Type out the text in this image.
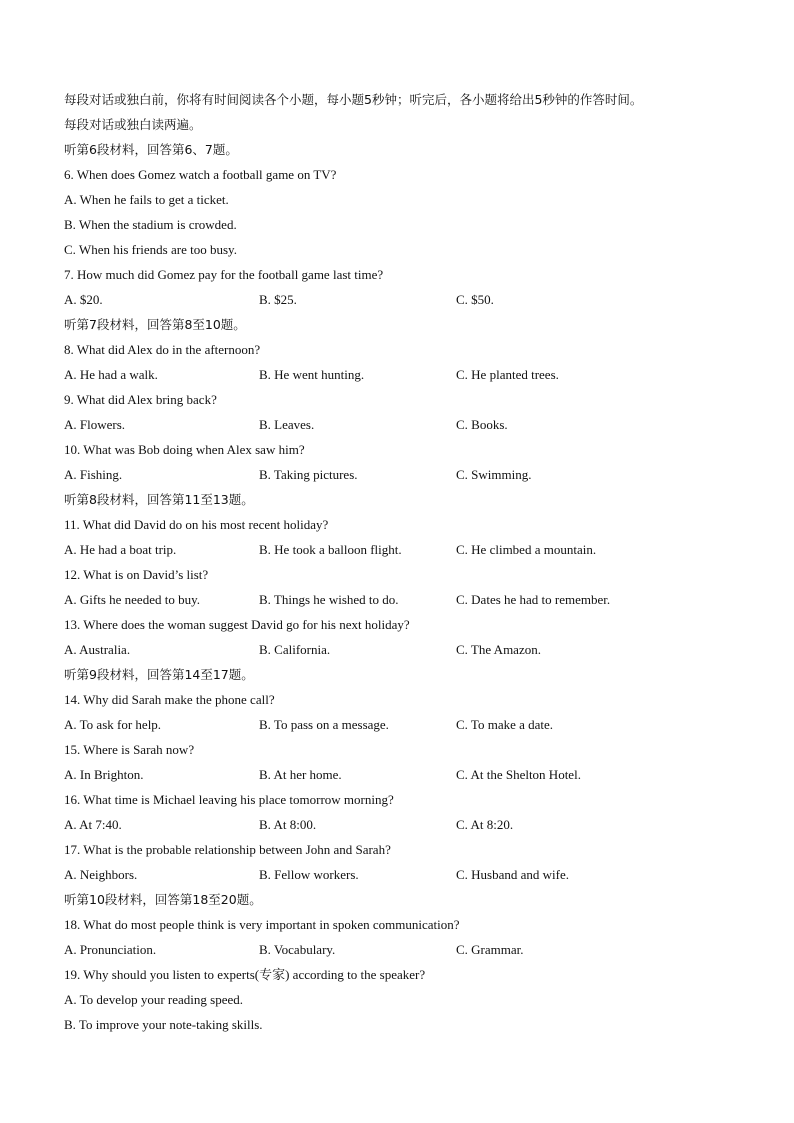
每段对话或独白前，你将有时间阅读各个小题，每小题5秒钟；听完后，各小题将给出5秒钟的作答时间。
每段对话或独白读两遍。
听第6段材料，回答第6、7题。
6. When does Gomez watch a football game on TV?
A. When he fails to get a ticket.
B. When the stadium is crowded.
C. When his friends are too busy.
7. How much did Gomez pay for the football game last time?
A. $20.	B. $25.	C. $50.
听第7段材料，回答第8至10题。
8. What did Alex do in the afternoon?
A. He had a walk.	B. He went hunting.	C. He planted trees.
9. What did Alex bring back?
A. Flowers.	B. Leaves.	C. Books.
10. What was Bob doing when Alex saw him?
A. Fishing.	B. Taking pictures.	C. Swimming.
听第8段材料，回答第11至13题。
11. What did David do on his most recent holiday?
A. He had a boat trip.	B. He took a balloon flight.	C. He climbed a mountain.
12. What is on David’s list?
A. Gifts he needed to buy.	B. Things he wished to do.	C. Dates he had to remember.
13. Where does the woman suggest David go for his next holiday?
A. Australia.	B. California.	C. The Amazon.
听第9段材料，回答第14至17题。
14. Why did Sarah make the phone call?
A. To ask for help.	B. To pass on a message.	C. To make a date.
15. Where is Sarah now?
A. In Brighton.	B. At her home.	C. At the Shelton Hotel.
16. What time is Michael leaving his place tomorrow morning?
A. At 7:40.	B. At 8:00.	C. At 8:20.
17. What is the probable relationship between John and Sarah?
A. Neighbors.	B. Fellow workers.	C. Husband and wife.
听第10段材料，回答第18至20题。
18. What do most people think is very important in spoken communication?
A. Pronunciation.	B. Vocabulary.	C. Grammar.
19. Why should you listen to experts(专家) according to the speaker?
A. To develop your reading speed.
B. To improve your note-taking skills.
